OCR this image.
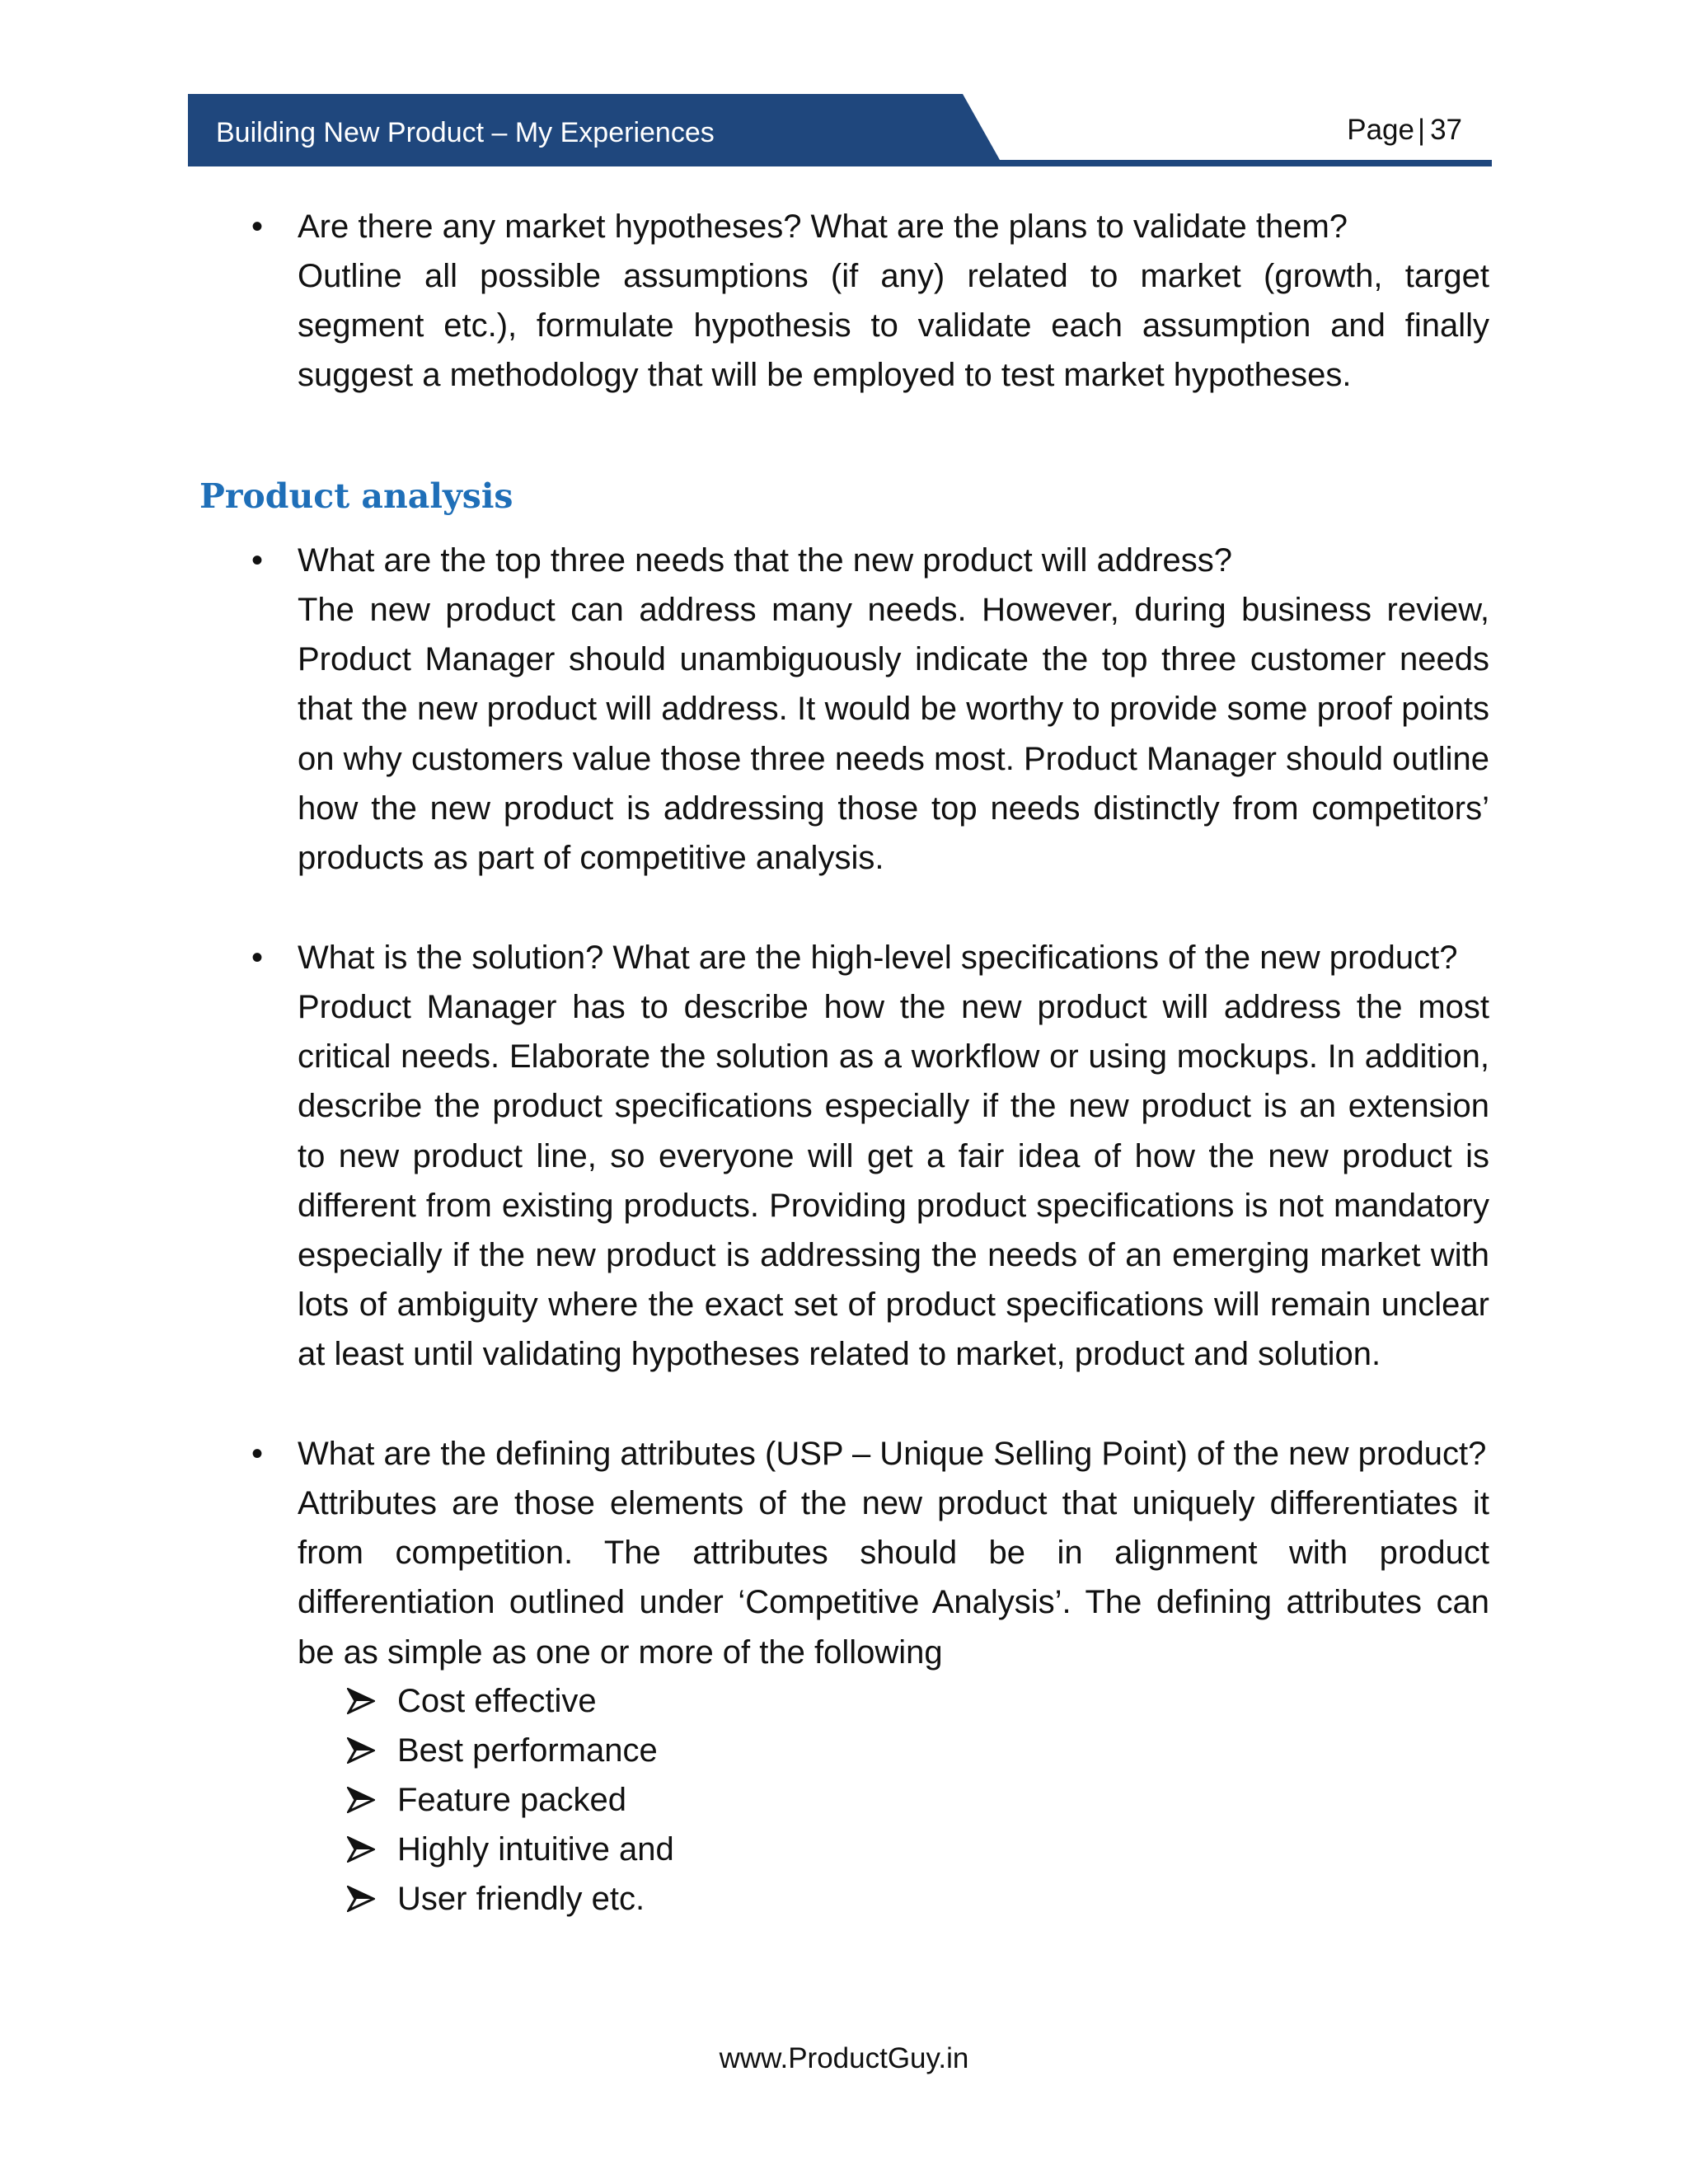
Building New Product – My Experiences	Page | 37
• Are there any market hypotheses? What are the plans to validate them?
Outline all possible assumptions (if any) related to market (growth, target segment etc.), formulate hypothesis to validate each assumption and finally suggest a methodology that will be employed to test market hypotheses.
Product analysis
• What are the top three needs that the new product will address?
The new product can address many needs. However, during business review, Product Manager should unambiguously indicate the top three customer needs that the new product will address. It would be worthy to provide some proof points on why customers value those three needs most. Product Manager should outline how the new product is addressing those top needs distinctly from competitors’ products as part of competitive analysis.
• What is the solution? What are the high-level specifications of the new product?
Product Manager has to describe how the new product will address the most critical needs. Elaborate the solution as a workflow or using mockups. In addition, describe the product specifications especially if the new product is an extension to new product line, so everyone will get a fair idea of how the new product is different from existing products. Providing product specifications is not mandatory especially if the new product is addressing the needs of an emerging market with lots of ambiguity where the exact set of product specifications will remain unclear at least until validating hypotheses related to market, product and solution.
• What are the defining attributes (USP – Unique Selling Point) of the new product?
Attributes are those elements of the new product that uniquely differentiates it from competition. The attributes should be in alignment with product differentiation outlined under ‘Competitive Analysis’. The defining attributes can be as simple as one or more of the following
Cost effective
Best performance
Feature packed
Highly intuitive and
User friendly etc.
www.ProductGuy.in
